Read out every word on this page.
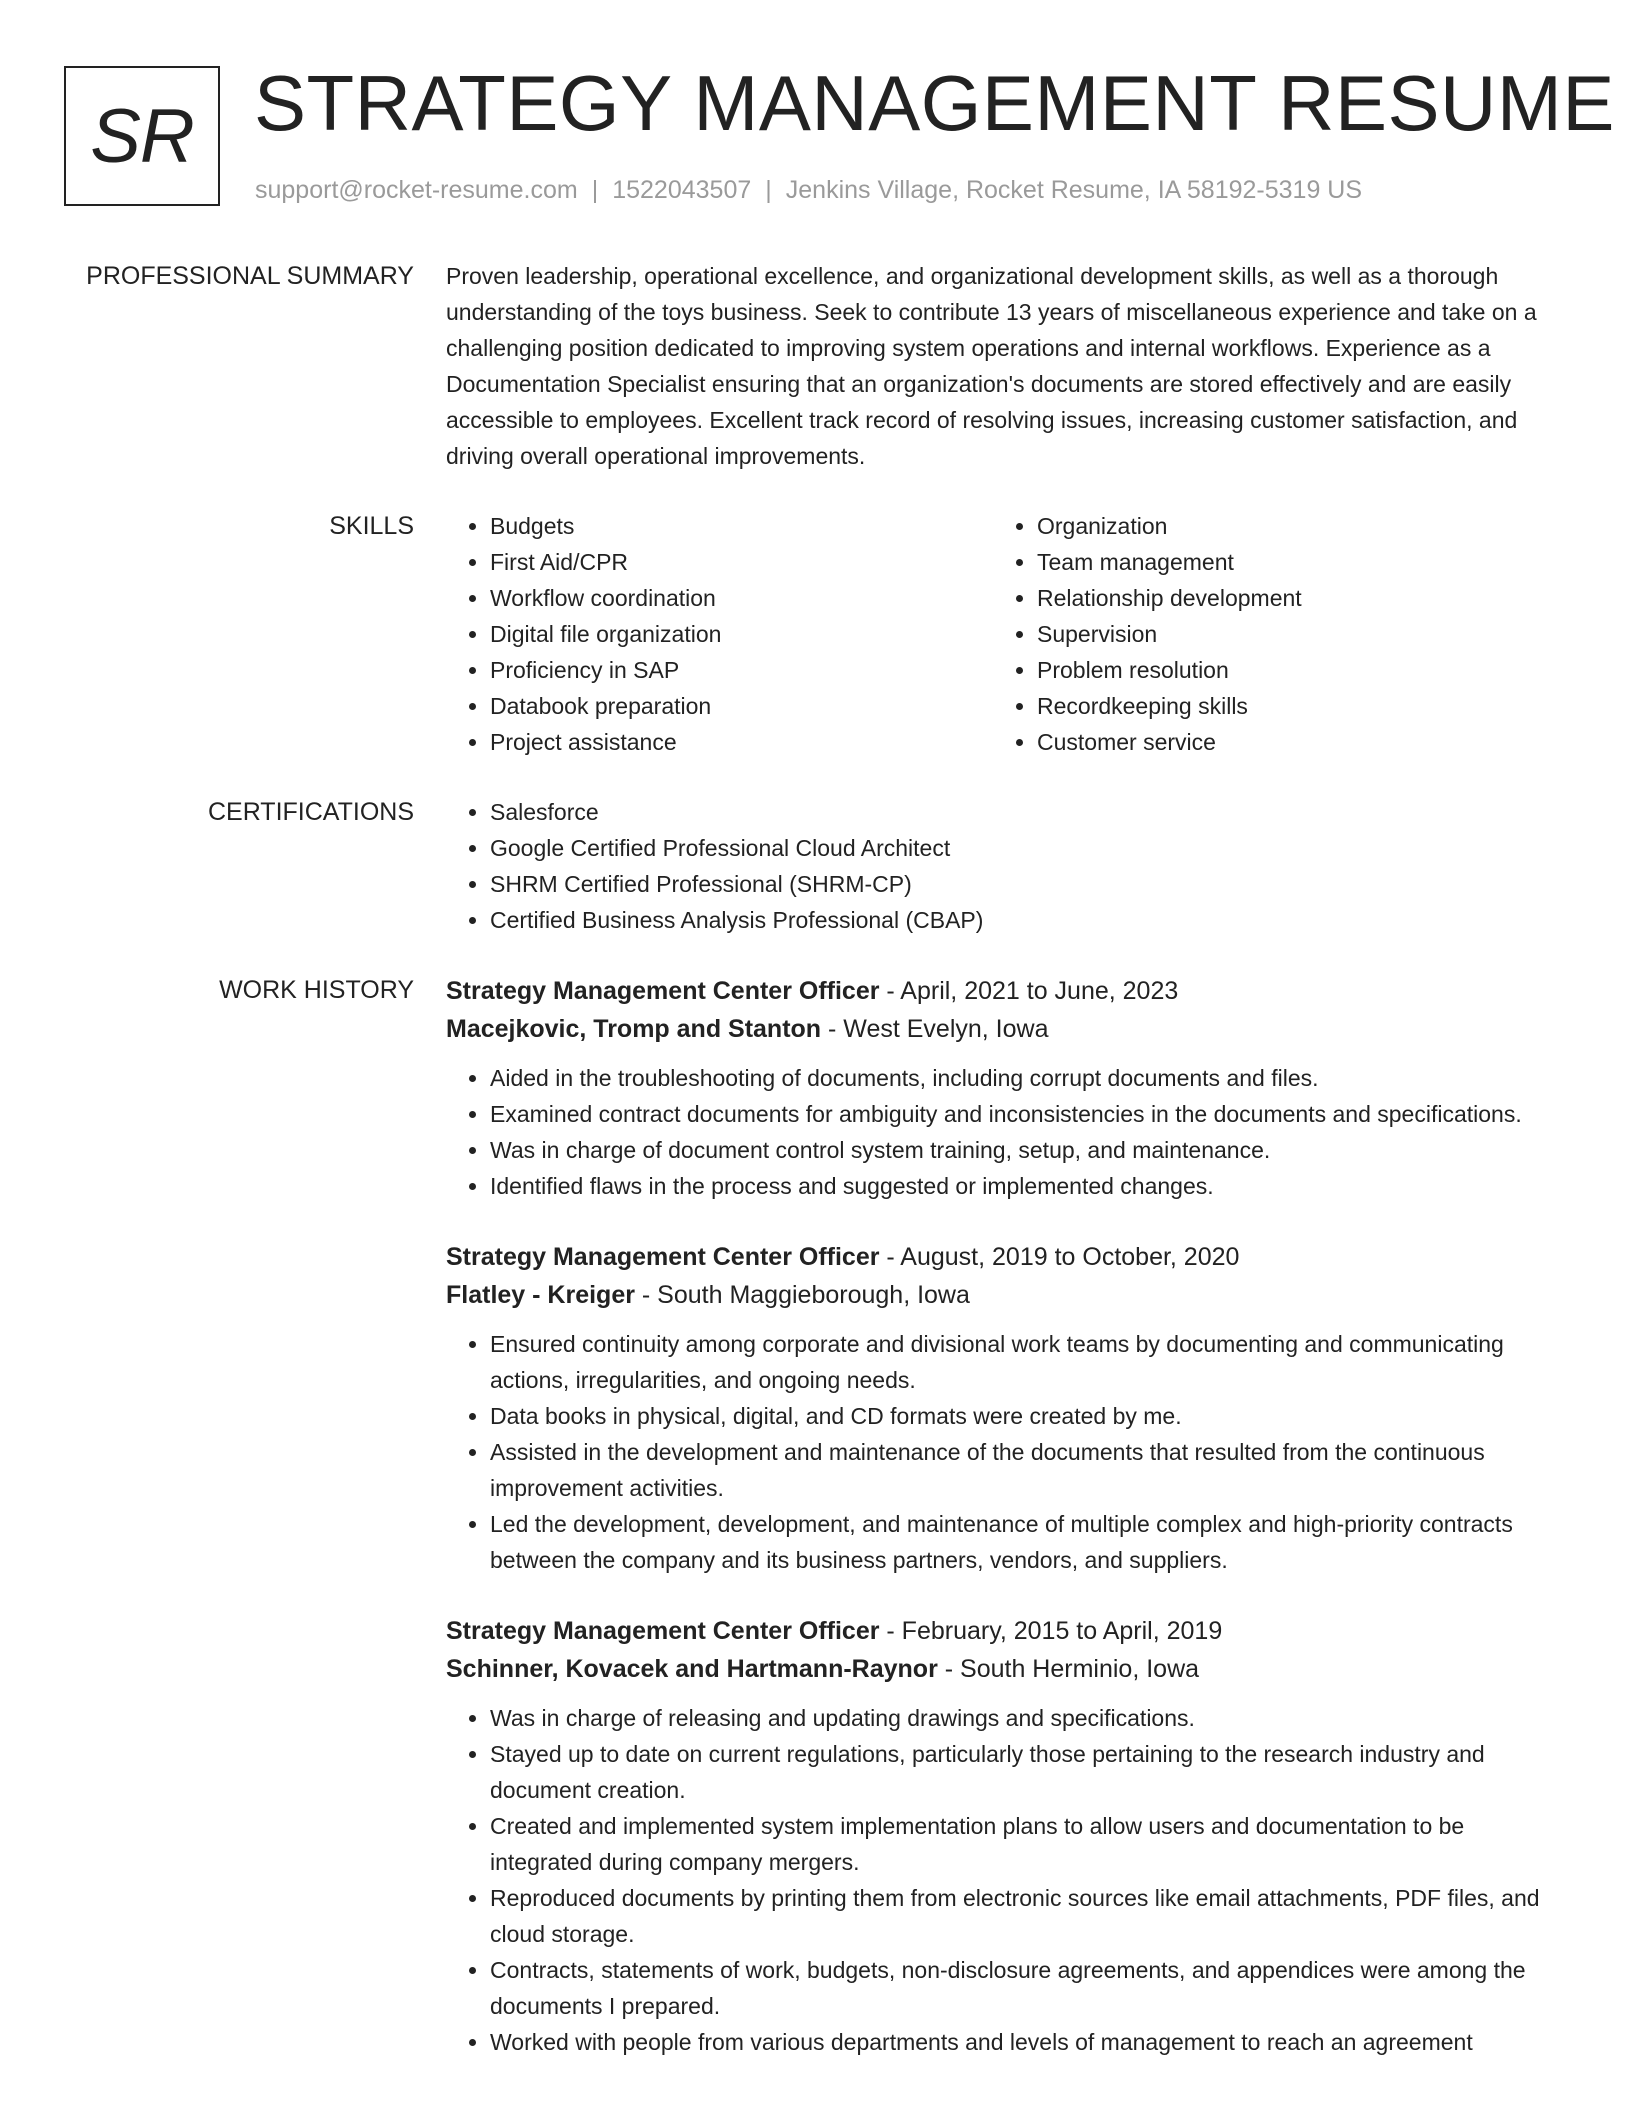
SR STRATEGY MANAGEMENT RESUME
support@rocket-resume.com | 1522043507 | Jenkins Village, Rocket Resume, IA 58192-5319 US
PROFESSIONAL SUMMARY Proven leadership, operational excellence, and organizational development skills, as well as a thorough understanding of the toys business. Seek to contribute 13 years of miscellaneous experience and take on a challenging position dedicated to improving system operations and internal workflows. Experience as a Documentation Specialist ensuring that an organization's documents are stored effectively and are easily accessible to employees. Excellent track record of resolving issues, increasing customer satisfaction, and driving overall operational improvements.

SKILLS	• Budgets
• First Aid/CPR
• Workflow coordination
• Digital file organization
• Proficiency in SAP
• Databook preparation
• Project assistance
• Organization
• Team management
• Relationship development
• Supervision
• Problem resolution
• Recordkeeping skills
• Customer service
CERTIFICATIONS	• Salesforce
• Google Certified Professional Cloud Architect
• SHRM Certified Professional (SHRM-CP)
• Certified Business Analysis Professional (CBAP)
WORK HISTORY Strategy Management Center Officer - April, 2021 to June, 2023
Macejkovic, Tromp and Stanton - West Evelyn, Iowa
• Aided in the troubleshooting of documents, including corrupt documents and files.
• Examined contract documents for ambiguity and inconsistencies in the documents and specifications.
• Was in charge of document control system training, setup, and maintenance.
• Identified flaws in the process and suggested or implemented changes.
Strategy Management Center Officer - August, 2019 to October, 2020
Flatley - Kreiger - South Maggieborough, Iowa
• Ensured continuity among corporate and divisional work teams by documenting and communicating actions, irregularities, and ongoing needs.
• Data books in physical, digital, and CD formats were created by me.
• Assisted in the development and maintenance of the documents that resulted from the continuous improvement activities.
• Led the development, development, and maintenance of multiple complex and high-priority contracts between the company and its business partners, vendors, and suppliers.
Strategy Management Center Officer - February, 2015 to April, 2019
Schinner, Kovacek and Hartmann-Raynor - South Herminio, Iowa
• Was in charge of releasing and updating drawings and specifications.
• Stayed up to date on current regulations, particularly those pertaining to the research industry and document creation.
• Created and implemented system implementation plans to allow users and documentation to be integrated during company mergers.
• Reproduced documents by printing them from electronic sources like email attachments, PDF files, and cloud storage.
• Contracts, statements of work, budgets, non-disclosure agreements, and appendices were among the documents I prepared.
• Worked with people from various departments and levels of management to reach an agreement
